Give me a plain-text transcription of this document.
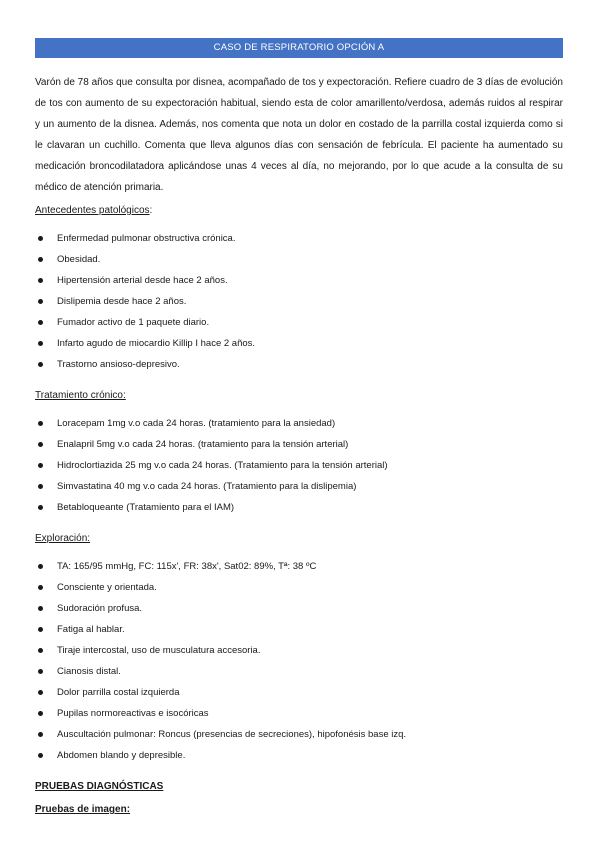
CASO DE RESPIRATORIO OPCIÓN A

Varón de 78 años que consulta por disnea, acompañado de tos y expectoración. Refiere cuadro de 3 días de evolución de tos con aumento de su expectoración habitual, siendo esta de color amarillento/verdosa, además ruidos al respirar y un aumento de la disnea. Además, nos comenta que nota un dolor en costado de la parrilla costal izquierda como si le clavaran un cuchillo. Comenta que lleva algunos días con sensación de febrícula. El paciente ha aumentado su medicación broncodilatadora aplicándose unas 4 veces al día, no mejorando, por lo que acude a la consulta de su médico de atención primaria.

Antecedentes patológicos:
Enfermedad pulmonar obstructiva crónica.
Obesidad.
Hipertensión arterial desde hace 2 años.
Dislipemia desde hace 2 años.
Fumador activo de 1 paquete diario.
Infarto agudo de miocardio Killip I hace 2 años.
Trastorno ansioso-depresivo.
Tratamiento crónico:
Loracepam 1mg v.o cada 24 horas. (tratamiento para la ansiedad)
Enalapril 5mg v.o cada 24 horas. (tratamiento para la tensión arterial)
Hidroclortiazida 25 mg v.o cada 24 horas. (Tratamiento para la tensión arterial)
Simvastatina 40 mg v.o cada 24 horas. (Tratamiento para la dislipemia)
Betabloqueante (Tratamiento para el IAM)
Exploración:
TA: 165/95 mmHg, FC: 115x', FR: 38x', Sat02: 89%, Tª: 38 ºC
Consciente y orientada.
Sudoración profusa.
Fatiga al hablar.
Tiraje intercostal, uso de musculatura accesoria.
Cianosis distal.
Dolor parrilla costal izquierda
Pupilas normoreactivas e isocóricas
Auscultación pulmonar: Roncus (presencias de secreciones), hipofonésis base izq.
Abdomen blando y depresible.
PRUEBAS DIAGNÓSTICAS
Pruebas de imagen:
